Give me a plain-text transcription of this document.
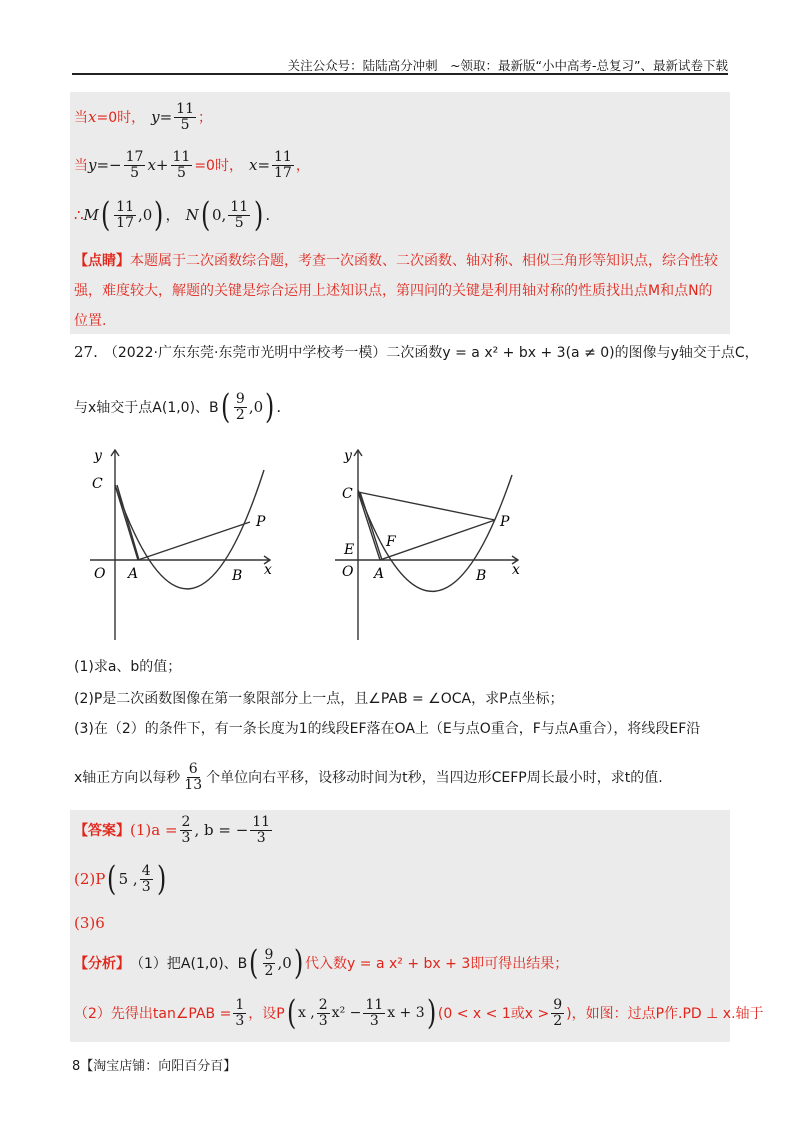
关注公众号：陆陆高分冲刺　~领取：最新版“小中高考-总复习”、最新试卷下载
当 x =0时， $y = \frac{11}{5}$ ；
当 $y =- \frac{17}{5}$ $x + \frac{11}{5} =0$时， $x = \frac{11}{17}$ ，
∴ M ( $\frac{11}{17} ,0$ ) ， N ( 0, $\frac{11}{5}$ ) .
【点睛】本题属于二次函数综合题，考查一次函数、二次函数、轴对称、相似三角形等知识点，综合性较强，难度较大，解题的关键是综合运用上述知识点，第四问的关键是利用轴对称的性质找出点M和点N的位置.
27. （2022·广东东莞·东莞市光明中学校考一模） 二次函数y = a x² + bx + 3(a ≠ 0)的图像与y轴交于点C，
与x轴交于点A(1,0)、B ( $\frac{9}{2} ,0$ ) .
y
x
C
O A	B
P
y
x
C
E F
O A	B
P
(1)求a、b的值；
(2)P是二次函数图像在第一象限部分上一点，且∠PAB = ∠OCA，求P点坐标；
(3)在（2）的条件下，有一条长度为1的线段EF落在OA上（E与点O重合，F与点A重合），将线段EF沿
x轴正方向以每秒 $\frac{6}{13}$ 个单位向右平移，设移动时间为t秒，当四边形CEFP周长最小时，求t的值.
【答案】 $(1)a = \frac{2}{3}$ , b = − $\frac{11}{3}$
(2)P ( 5 , $\frac{4}{3}$ )
(3)6
【分析】 （1）把A(1,0)、B ( $\frac{9}{2} ,0$ ) 代入数y = a x² + bx + 3即可得出结果；
（2）先得出tan∠PAB = $\frac{1}{3}$ ，设P ( x , $\frac{2}{3} x^2 - \frac{11}{3}$ x + 3 ) (0 < x < 1或$x > \frac{9}{2}$ )，如图：过点P作.PD ⊥ x.轴于
8【淘宝店铺：向阳百分百】
